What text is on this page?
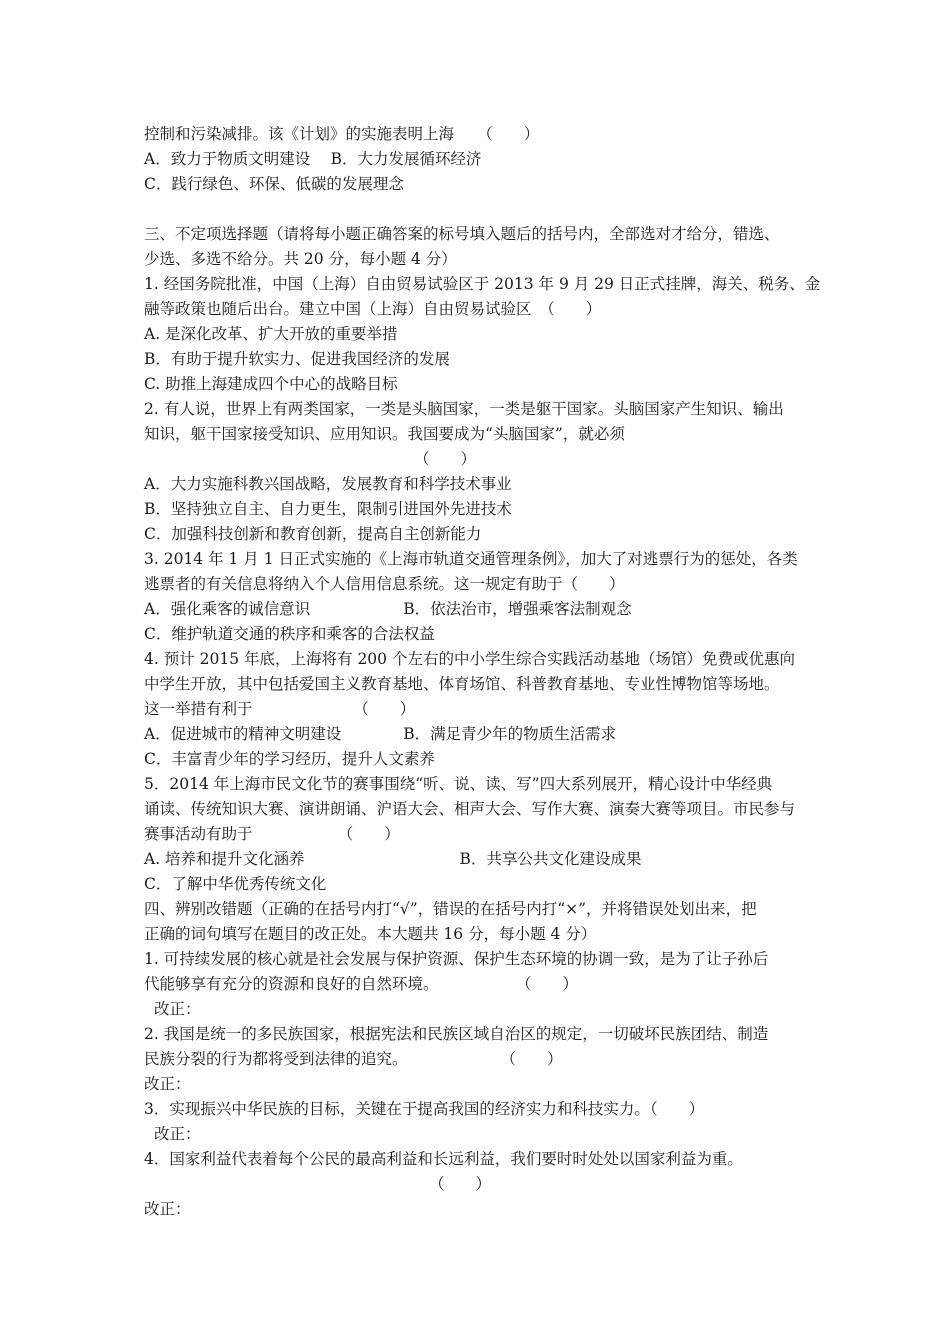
控制和污染减排。该《计划》的实施表明上海　　（　　）
A．致力于物质文明建设　 B．大力发展循环经济
C．践行绿色、环保、低碳的发展理念
三、不定项选择题（请将每小题正确答案的标号填入题后的括号内，全部选对才给分，错选、
少选、多选不给分。共 20 分，每小题 4 分）
1. 经国务院批准，中国（上海）自由贸易试验区于 2013 年 9 月 29 日正式挂牌，海关、税务、金
融等政策也随后出台。建立中国（上海）自由贸易试验区　（　　）
A. 是深化改革、扩大开放的重要举措
B．有助于提升软实力、促进我国经济的发展
C. 助推上海建成四个中心的战略目标
2. 有人说，世界上有两类国家，一类是头脑国家，一类是躯干国家。头脑国家产生知识、输出
知识，躯干国家接受知识、应用知识。我国要成为“头脑国家”，就必须
（　　）
A．大力实施科教兴国战略，发展教育和科学技术事业
B．坚持独立自主、自力更生，限制引进国外先进技术
C．加强科技创新和教育创新，提高自主创新能力
3. 2014 年 1 月 1 日正式实施的《上海市轨道交通管理条例》，加大了对逃票行为的惩处，各类
逃票者的有关信息将纳入个人信用信息系统。这一规定有助于（　　）
A．强化乘客的诚信意识　　　　　　B．依法治市，增强乘客法制观念
C．维护轨道交通的秩序和乘客的合法权益
4. 预计 2015 年底，上海将有 200 个左右的中小学生综合实践活动基地（场馆）免费或优惠向
中学生开放，其中包括爱国主义教育基地、体育场馆、科普教育基地、专业性博物馆等场地。
这一举措有利于　　　　　　　（　　）
A．促进城市的精神文明建设　　　　B．满足青少年的物质生活需求
C．丰富青少年的学习经历，提升人文素养
5．2014 年上海市民文化节的赛事围绕“听、说、读、写”四大系列展开，精心设计中华经典
诵读、传统知识大赛、演讲朗诵、沪语大会、相声大会、写作大赛、演奏大赛等项目。市民参与
赛事活动有助于　　　　　　（　　）
A. 培养和提升文化涵养　　　　　　　　　　B．共享公共文化建设成果
C．了解中华优秀传统文化
四、辨别改错题（正确的在括号内打“√”，错误的在括号内打“×”，并将错误处划出来，把
正确的词句填写在题目的改正处。本大题共 16 分，每小题 4 分）
1. 可持续发展的核心就是社会发展与保护资源、保护生态环境的协调一致，是为了让子孙后
代能够享有充分的资源和良好的自然环境。　　　　　　（　　）
改正：
2. 我国是统一的多民族国家，根据宪法和民族区域自治区的规定，一切破坏民族团结、制造
民族分裂的行为都将受到法律的追究。　　　　　　　（　　）
改正：
3．实现振兴中华民族的目标，关键在于提高我国的经济实力和科技实力。（　　）
改正：
4．国家利益代表着每个公民的最高利益和长远利益，我们要时时处处以国家利益为重。
（　　）
改正：
